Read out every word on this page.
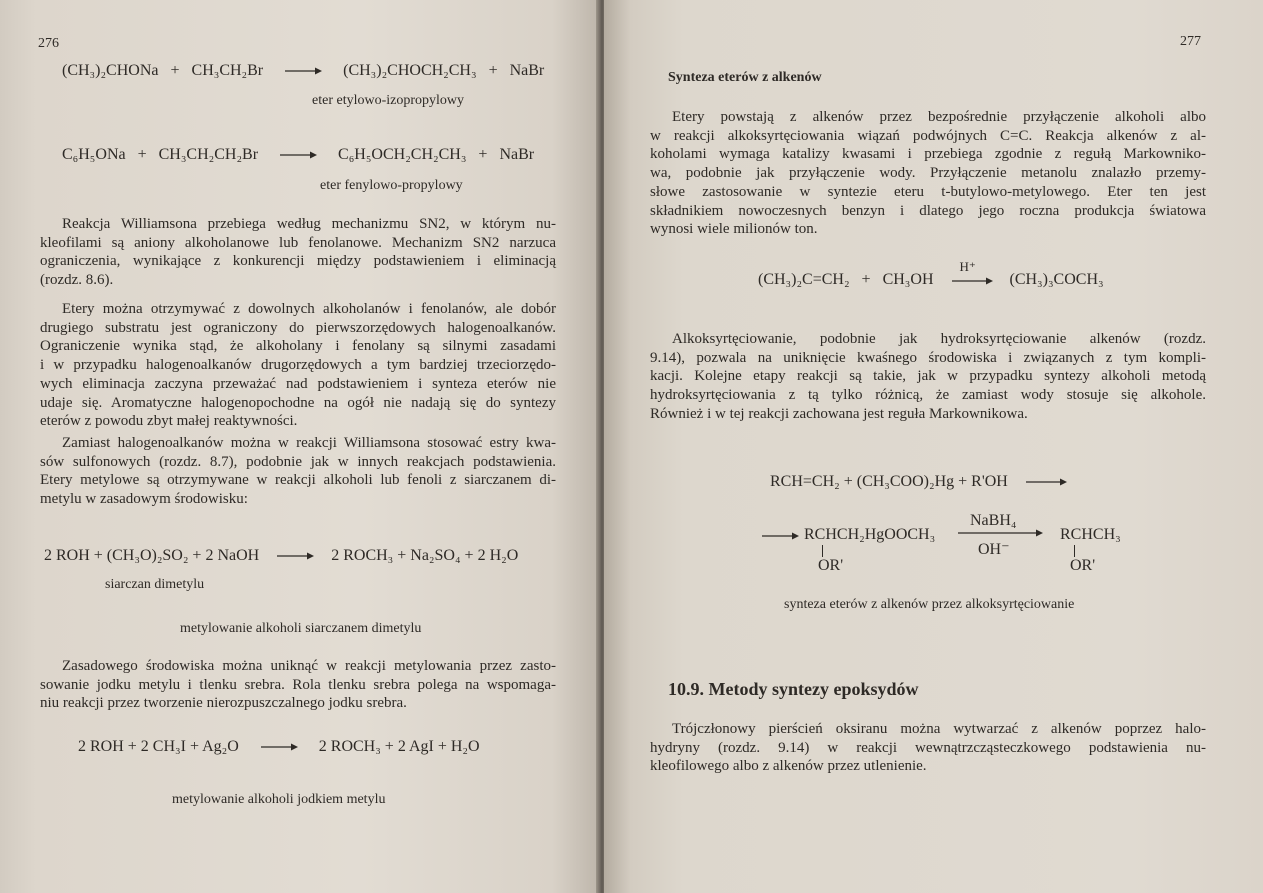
276
(CH₃)₂CHONa + CH₃CH₂Br → (CH₃)₂CHOCH₂CH₃ + NaBr
eter etylowo-izopropylowy
C₆H₅ONa + CH₃CH₂CH₂Br → C₆H₅OCH₂CH₂CH₃ + NaBr
eter fenylowo-propylowy
Reakcja Williamsona przebiega według mechanizmu SN2, w którym nu-
kleofilami są aniony alkoholanowe lub fenolanowe. Mechanizm SN2 narzuca
ograniczenia, wynikające z konkurencji między podstawieniem i eliminacją
(rozdz. 8.6).
Etery można otrzymywać z dowolnych alkoholanów i fenolanów, ale dobór
drugiego substratu jest ograniczony do pierwszorzędowych halogenoalkanów.
Ograniczenie wynika stąd, że alkoholany i fenolany są silnymi zasadami
i w przypadku halogenoalkanów drugorzędowych a tym bardziej trzeciorzędo-
wych eliminacja zaczyna przeważać nad podstawieniem i synteza eterów nie
udaje się. Aromatyczne halogenopochodne na ogół nie nadają się do syntezy
eterów z powodu zbyt małej reaktywności.
Zamiast halogenoalkanów można w reakcji Williamsona stosować estry kwa-
sów sulfonowych (rozdz. 8.7), podobnie jak w innych reakcjach podstawienia.
Etery metylowe są otrzymywane w reakcji alkoholi lub fenoli z siarczanem di-
metylu w zasadowym środowisku:
2 ROH + (CH₃O)₂SO₂ + 2 NaOH → 2 ROCH₃ + Na₂SO₄ + 2 H₂O
siarczan dimetylu
metylowanie alkoholi siarczanem dimetylu
Zasadowego środowiska można uniknąć w reakcji metylowania przez zasto-
sowanie jodku metylu i tlenku srebra. Rola tlenku srebra polega na wspomaga-
niu reakcji przez tworzenie nierozpuszczalnego jodku srebra.
2 ROH + 2 CH₃I + Ag₂O → 2 ROCH₃ + 2 AgI + H₂O
metylowanie alkoholi jodkiem metylu
277
Synteza eterów z alkenów
Etery powstają z alkenów przez bezpośrednie przyłączenie alkoholi albo
w reakcji alkoksyrtęciowania wiązań podwójnych C=C. Reakcja alkenów z al-
koholami wymaga katalizy kwasami i przebiega zgodnie z regułą Markowniko-
wa, podobnie jak przyłączenie wody. Przyłączenie metanolu znalazło przemy-
słowe zastosowanie w syntezie eteru t-butylowo-metylowego. Eter ten jest
składnikiem nowoczesnych benzyn i dlatego jego roczna produkcja światowa
wynosi wiele milionów ton.
(CH₃)₂C=CH₂ + CH₃OH
H⁺
(CH₃)₃COCH₃
Alkoksyrtęciowanie, podobnie jak hydroksyrtęciowanie alkenów (rozdz.
9.14), pozwala na uniknięcie kwaśnego środowiska i związanych z tym kompli-
kacji. Kolejne etapy reakcji są takie, jak w przypadku syntezy alkoholi metodą
hydroksyrtęciowania z tą tylko różnicą, że zamiast wody stosuje się alkohole.
Również i w tej reakcji zachowana jest reguła Markownikowa.
RCH=CH₂ + (CH₃COO)₂Hg + R'OH →
→ RCHCH₂HgOOCH₃
OR'
NaBH₄
OH⁻
RCHCH₃
OR'
synteza eterów z alkenów przez alkoksyrtęciowanie
10.9. Metody syntezy epoksydów
Trójczłonowy pierścień oksiranu można wytwarzać z alkenów poprzez halo-
hydryny (rozdz. 9.14) w reakcji wewnątrzcząsteczkowego podstawienia nu-
kleofilowego albo z alkenów przez utlenienie.
